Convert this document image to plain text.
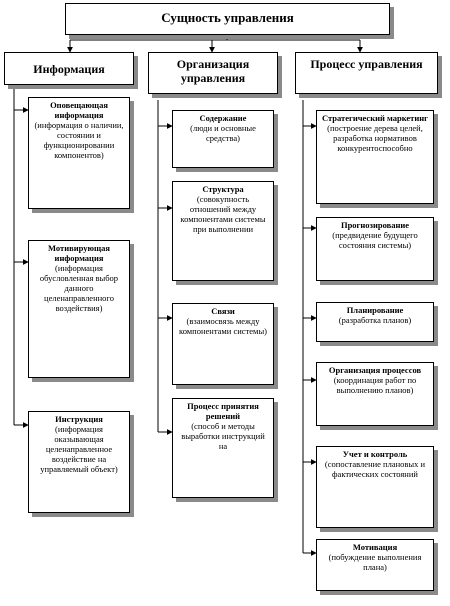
Сущность управления
Информация	Организация управления
Процесс управления
Оповещающая информация
(информация о наличии, состоянии и функционировании компонентов)
Мотивирующая информация
(информация обусловленная выбор данного целенаправленного воздействия)
Инструкция
(информация оказывающая целенаправленное воздействие на управляемый объект)
Содержание
(люди и основные средства)
Структура
(совокупность отношений между компонентами системы при выполнении
Связи
(взаимосвязь между компонентами системы)
Процесс принятия решений
(способ и методы выработки инструкций на
Стратегический маркетинг
(построение дерева целей, разработка нормативов конкурентоспособно
Прогнозирование
(предвидение будущего состояния системы)
Планирование
(разработка планов)
Организация процессов
(координация работ по выполнению планов)
Учет и контроль
(сопоставление плановых и фактических состояний
Мотивация
(побуждение выполнения плана)
